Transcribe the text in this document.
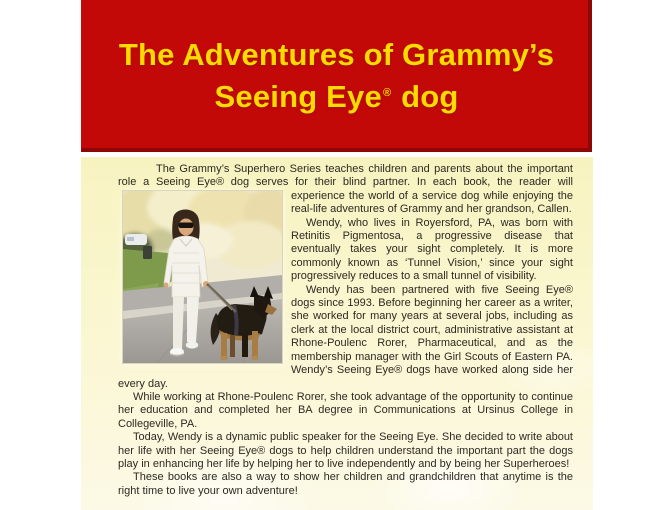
The Adventures of Grammy’s
Seeing Eye® dog

The Grammy’s Superhero Series teaches children and parents about the important role a Seeing Eye® dog serves for their blind partner. In each book, the reader will experience the
world of a service dog while enjoying the real-life adventures of Grammy and her grandson, Callen.

Wendy, who lives in Royersford, PA, was born with Retinitis Pigmentosa, a progressive disease that eventually takes your sight completely. It is more commonly known as ‘Tunnel Vision,’ since your sight progressively reduces to a small tunnel of visibility.

Wendy has been partnered with five Seeing Eye® dogs since 1993. Before beginning her career as a writer, she worked for many years at several jobs, including as clerk at the local district court, administrative assistant at Rhone-Poulenc Rorer, Pharmaceutical, and as the membership manager with the Girl Scouts of Eastern PA. Wendy’s Seeing Eye® dogs have worked along side her every day.

While working at Rhone-Poulenc Rorer, she took advantage of the opportunity to continue her education and completed her BA degree in Communications at Ursinus College in Collegeville, PA.

Today, Wendy is a dynamic public speaker for the Seeing Eye. She decided to write about her life with her Seeing Eye® dogs to help children understand the important part the dogs play in enhancing her life by helping her to live independently and by being her Superheroes!

These books are also a way to show her children and grandchildren that anytime is the right time to live your own adventure!
